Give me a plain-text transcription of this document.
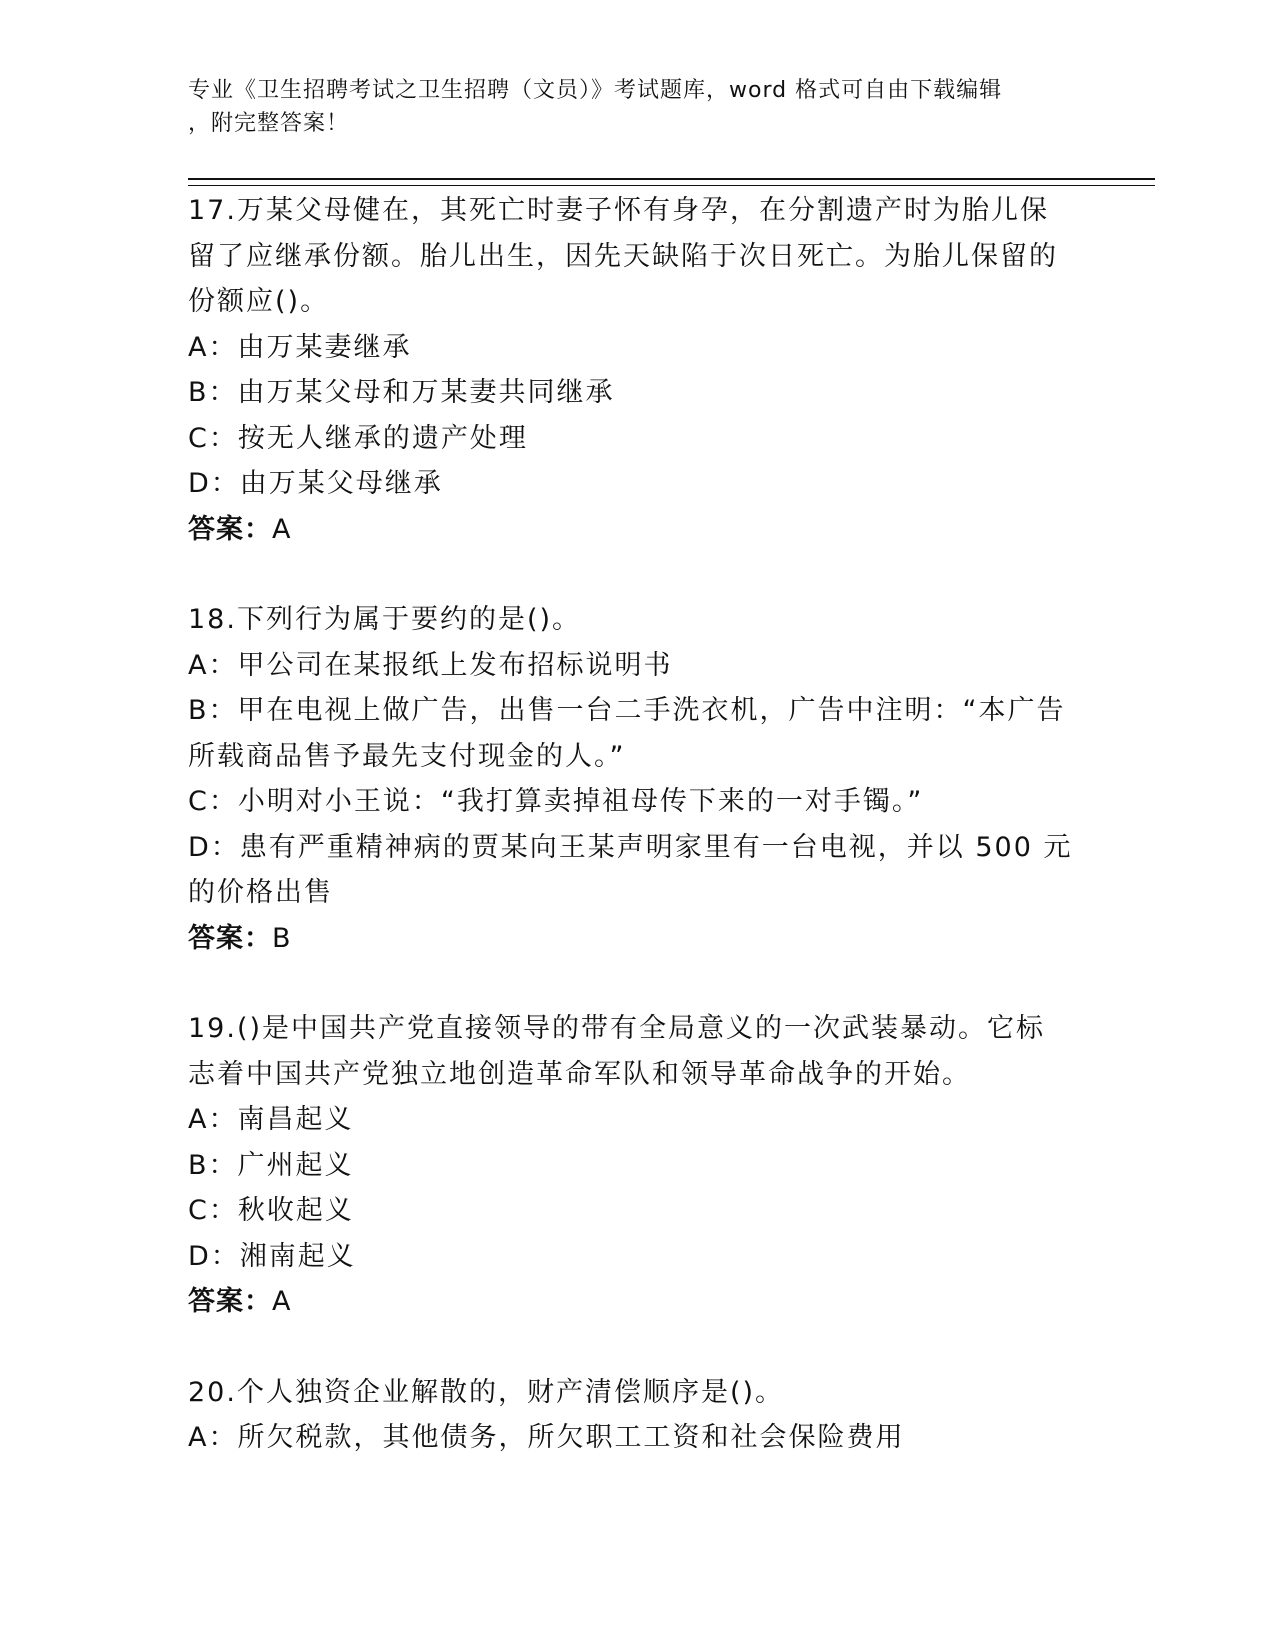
专业《卫生招聘考试之卫生招聘（文员）》考试题库，word 格式可自由下载编辑
，附完整答案！

17.万某父母健在，其死亡时妻子怀有身孕，在分割遗产时为胎儿保留了应继承份额。胎儿出生，因先天缺陷于次日死亡。为胎儿保留的份额应()。

A：由万某妻继承

B：由万某父母和万某妻共同继承

C：按无人继承的遗产处理

D：由万某父母继承

答案：A

18.下列行为属于要约的是()。

A：甲公司在某报纸上发布招标说明书

B：甲在电视上做广告，出售一台二手洗衣机，广告中注明：“本广告所载商品售予最先支付现金的人。”

C：小明对小王说：“我打算卖掉祖母传下来的一对手镯。”

D：患有严重精神病的贾某向王某声明家里有一台电视，并以 500 元的价格出售

答案：B

19.()是中国共产党直接领导的带有全局意义的一次武装暴动。它标志着中国共产党独立地创造革命军队和领导革命战争的开始。

A：南昌起义

B：广州起义

C：秋收起义

D：湘南起义

答案：A

20.个人独资企业解散的，财产清偿顺序是()。

A：所欠税款，其他债务，所欠职工工资和社会保险费用
